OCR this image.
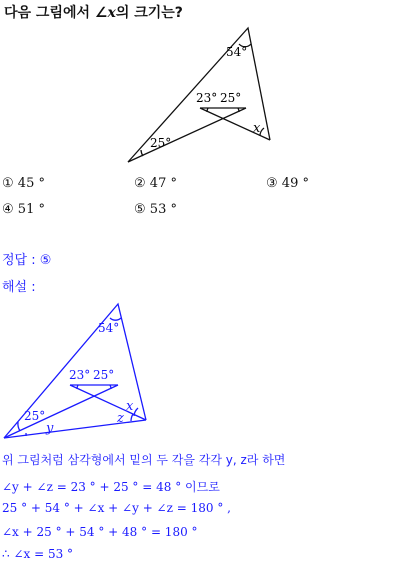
다음 그림에서 ∠x의 크기는?
54°
23° 25°
25°
x
① 45 °	② 47 °	③ 49 °
④ 51 °	⑤ 53 °
정답 : ⑤
해설 :
54°
23° 25°
25°
x
z
y
위 그림처럼 삼각형에서 밑의 두 각을 각각 y, z라 하면
∠y + ∠z = 23 ° + 25 ° = 48 ° 이므로
25 ° + 54 ° + ∠x + ∠y + ∠z = 180 ° ,
∠x + 25 ° + 54 ° + 48 ° = 180 °
∴ ∠x = 53 °
